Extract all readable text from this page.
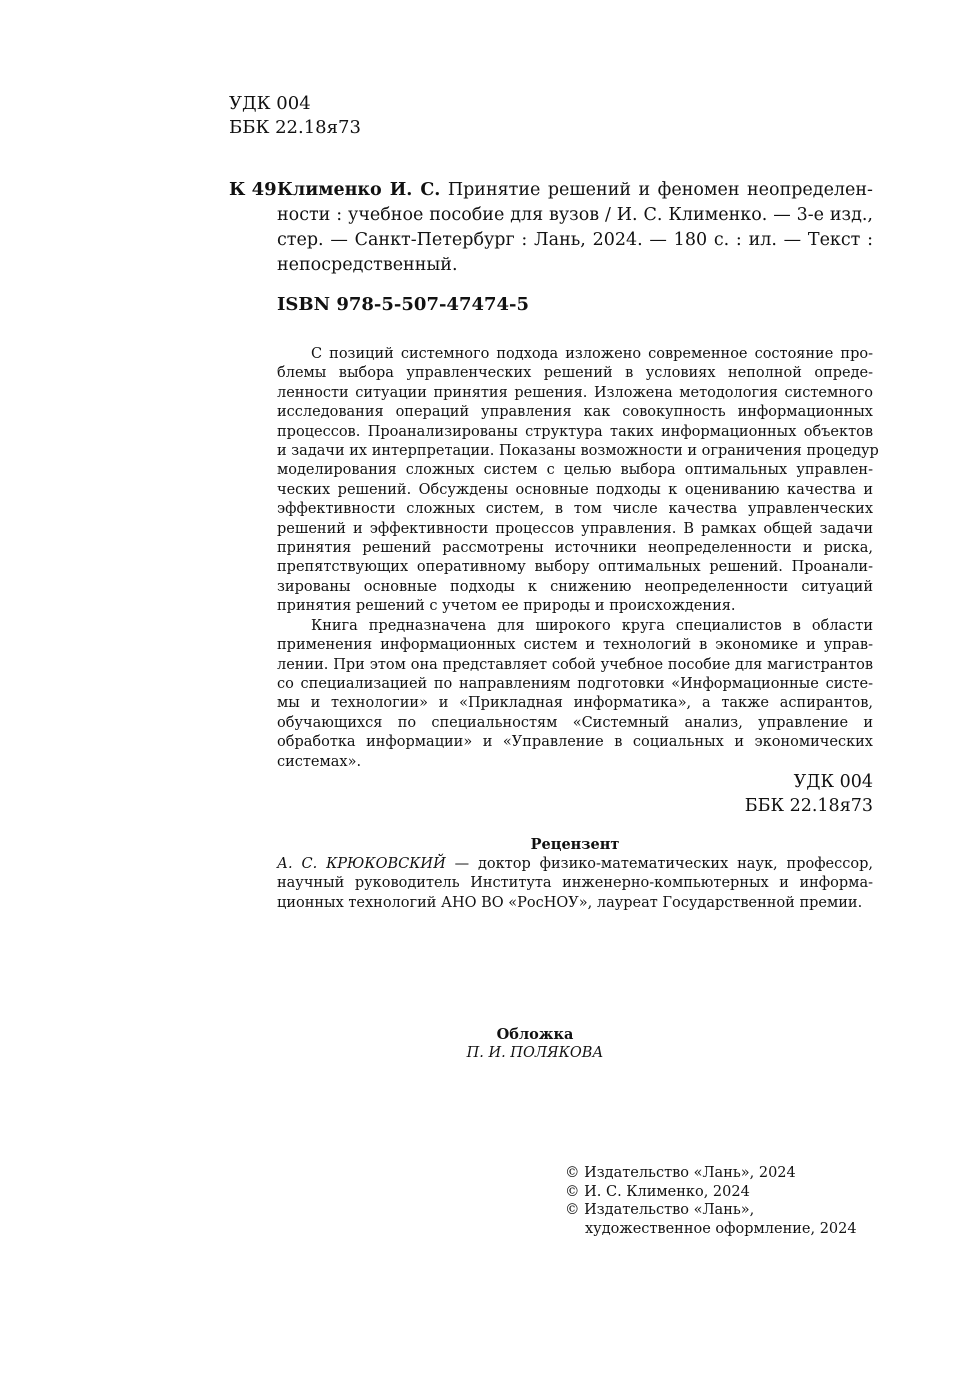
УДК 004
ББК 22.18я73
К 49 Клименко И. С. Принятие решений и феномен неопределен-
ности : учебное пособие для вузов / И. С. Клименко. — 3-е изд.,
стер. — Санкт-Петербург : Лань, 2024. — 180 с. : ил. — Текст :
непосредственный.
ISBN 978-5-507-47474-5
С позиций системного подхода изложено современное состояние про-
блемы выбора управленческих решений в условиях неполной опреде-
ленности ситуации принятия решения. Изложена методология системного
исследования операций управления как совокупность информационных
процессов. Проанализированы структура таких информационных объектов
и задачи их интерпретации. Показаны возможности и ограничения процедур
моделирования сложных систем с целью выбора оптимальных управлен-
ческих решений. Обсуждены основные подходы к оцениванию качества и
эффективности сложных систем, в том числе качества управленческих
решений и эффективности процессов управления. В рамках общей задачи
принятия решений рассмотрены источники неопределенности и риска,
препятствующих оперативному выбору оптимальных решений. Проанали-
зированы основные подходы к снижению неопределенности ситуаций
принятия решений с учетом ее природы и происхождения.
Книга предназначена для широкого круга специалистов в области
применения информационных систем и технологий в экономике и управ-
лении. При этом она представляет собой учебное пособие для магистрантов
со специализацией по направлениям подготовки «Информационные систе-
мы и технологии» и «Прикладная информатика», а также аспирантов,
обучающихся по специальностям «Системный анализ, управление и
обработка информации» и «Управление в социальных и экономических
системах».
УДК 004
ББК 22.18я73
Рецензент
А. С. КРЮКОВСКИЙ — доктор физико-математических наук, профессор,
научный руководитель Института инженерно-компьютерных и информа-
ционных технологий АНО ВО «РосНОУ», лауреат Государственной премии.
Обложка
П. И. ПОЛЯКОВА
© Издательство «Лань», 2024
© И. С. Клименко, 2024
© Издательство «Лань»,
художественное оформление, 2024
